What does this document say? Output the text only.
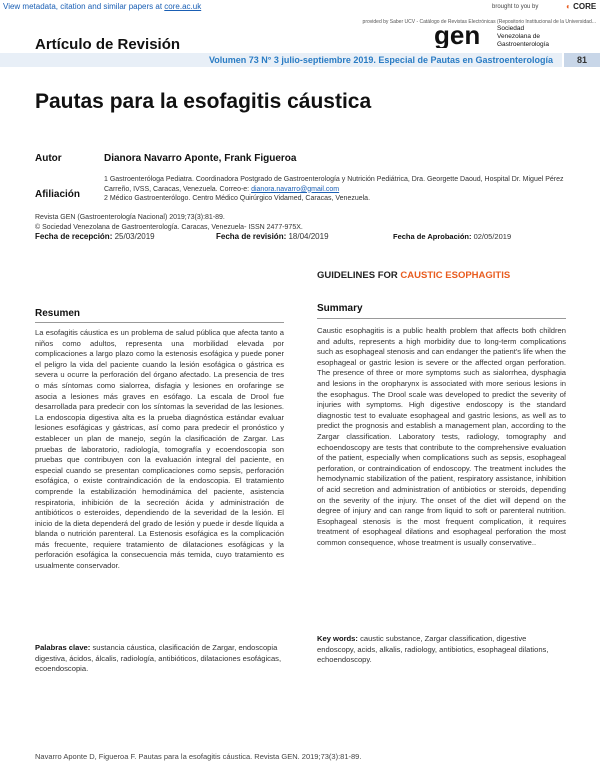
View metadata, citation and similar papers at core.ac.uk	brought to you by	◐ CORE
provided by Saber UCV - Catálogo de Revistas Electrónicas (Repositorio Institucional de la Universidad...
Artículo de Revisión	gen	Sociedad
Venezolana de
Gastroenterología
Volumen 73 N° 3 julio-septiembre 2019. Especial de Pautas en Gastroenterología	81
Pautas para la esofagitis cáustica
Autor	Dianora Navarro Aponte, Frank Figueroa
Afiliación
1 Gastroenteróloga Pediatra. Coordinadora Postgrado de Gastroenterología y Nutrición Pediátrica, Dra. Georgette Daoud, Hospital Dr. Miguel Pérez Carreño, IVSS, Caracas, Venezuela. Correo-e: dianora.navarro@gmail.com
2 Médico Gastroenterólogo. Centro Médico Quirúrgico Vidamed, Caracas, Venezuela.
Revista GEN (Gastroenterología Nacional) 2019;73(3):81-89.
© Sociedad Venezolana de Gastroenterología. Caracas, Venezuela- ISSN 2477-975X.
Fecha de recepción: 25/03/2019	Fecha de revisión: 18/04/2019	Fecha de Aprobación: 02/05/2019
GUIDELINES FOR CAUSTIC ESOPHAGITIS
Resumen
La esofagitis cáustica es un problema de salud pública que afecta tanto a niños como adultos, representa una morbilidad elevada por complicaciones a largo plazo como la estenosis esofágica y puede poner el peligro la vida del paciente cuando la lesión esofágica o gástrica es severa u ocurre la perforación del órgano afectado. La presencia de tres o más síntomas como sialorrea, disfagia y lesiones en orofaringe se asocia a lesiones más graves en esófago. La escala de Drool fue desarrollada para predecir con los síntomas la severidad de las lesiones. La endoscopia digestiva alta es la prueba diagnóstica estándar evaluar lesiones esofágicas y gástricas, así como para predecir el pronóstico y establecer un plan de manejo, según la clasificación de Zargar. Las pruebas de laboratorio, radiología, tomografía y ecoendoscopia son pruebas que contribuyen con la evaluación integral del paciente, en especial cuando se presentan complicaciones como sepsis, perforación esofágica, o existe contraindicación de la endoscopia. El tratamiento comprende la estabilización hemodinámica del paciente, asistencia respiratoria, inhibición de la secreción ácida y administración de antibióticos o esteroides, dependiendo de la severidad de la lesión. El inicio de la dieta dependerá del grado de lesión y puede ir desde líquida a blanda o nutrición parenteral. La Estenosis esofágica es la complicación más frecuente, requiere tratamiento de dilataciones esofágicas y la perforación esofágica la consecuencia más temida, cuyo tratamiento es usualmente conservador.
Palabras clave: sustancia cáustica, clasificación de Zargar, endoscopia digestiva, ácidos, álcalis, radiología, antibióticos, dilataciones esofágicas, ecoendoscopia.
Summary
Caustic esophagitis is a public health problem that affects both children and adults, represents a high morbidity due to long-term complications such as esophageal stenosis and can endanger the patient's life when the esophageal or gastric lesion is severe or the affected organ perforation. The presence of three or more symptoms such as sialorrhea, dysphagia and lesions in the oropharynx is associated with more serious lesions in the esophagus. The Drool scale was developed to predict the severity of injuries with symptoms. High digestive endoscopy is the standard diagnostic test to evaluate esophageal and gastric lesions, as well as to predict the prognosis and establish a management plan, according to the Zargar classification. Laboratory tests, radiology, tomography and echoendoscopy are tests that contribute to the comprehensive evaluation of the patient, especially when complications such as sepsis, esophageal perforation, or contraindication of endoscopy. The treatment includes the hemodynamic stabilization of the patient, respiratory assistance, inhibition of acid secretion and administration of antibiotics or steroids, depending on the severity of the injury. The onset of the diet will depend on the degree of injury and can range from liquid to soft or parenteral nutrition. Esophageal stenosis is the most frequent complication, it requires treatment of esophageal dilations and esophageal perforation the most common consequence, whose treatment is usually conservative..
Key words: caustic substance, Zargar classification, digestive endoscopy, acids, alkalis, radiology, antibiotics, esophageal dilations, echoendoscopy.
Navarro Aponte D, Figueroa F. Pautas para la esofagitis cáustica. Revista GEN. 2019;73(3):81-89.
